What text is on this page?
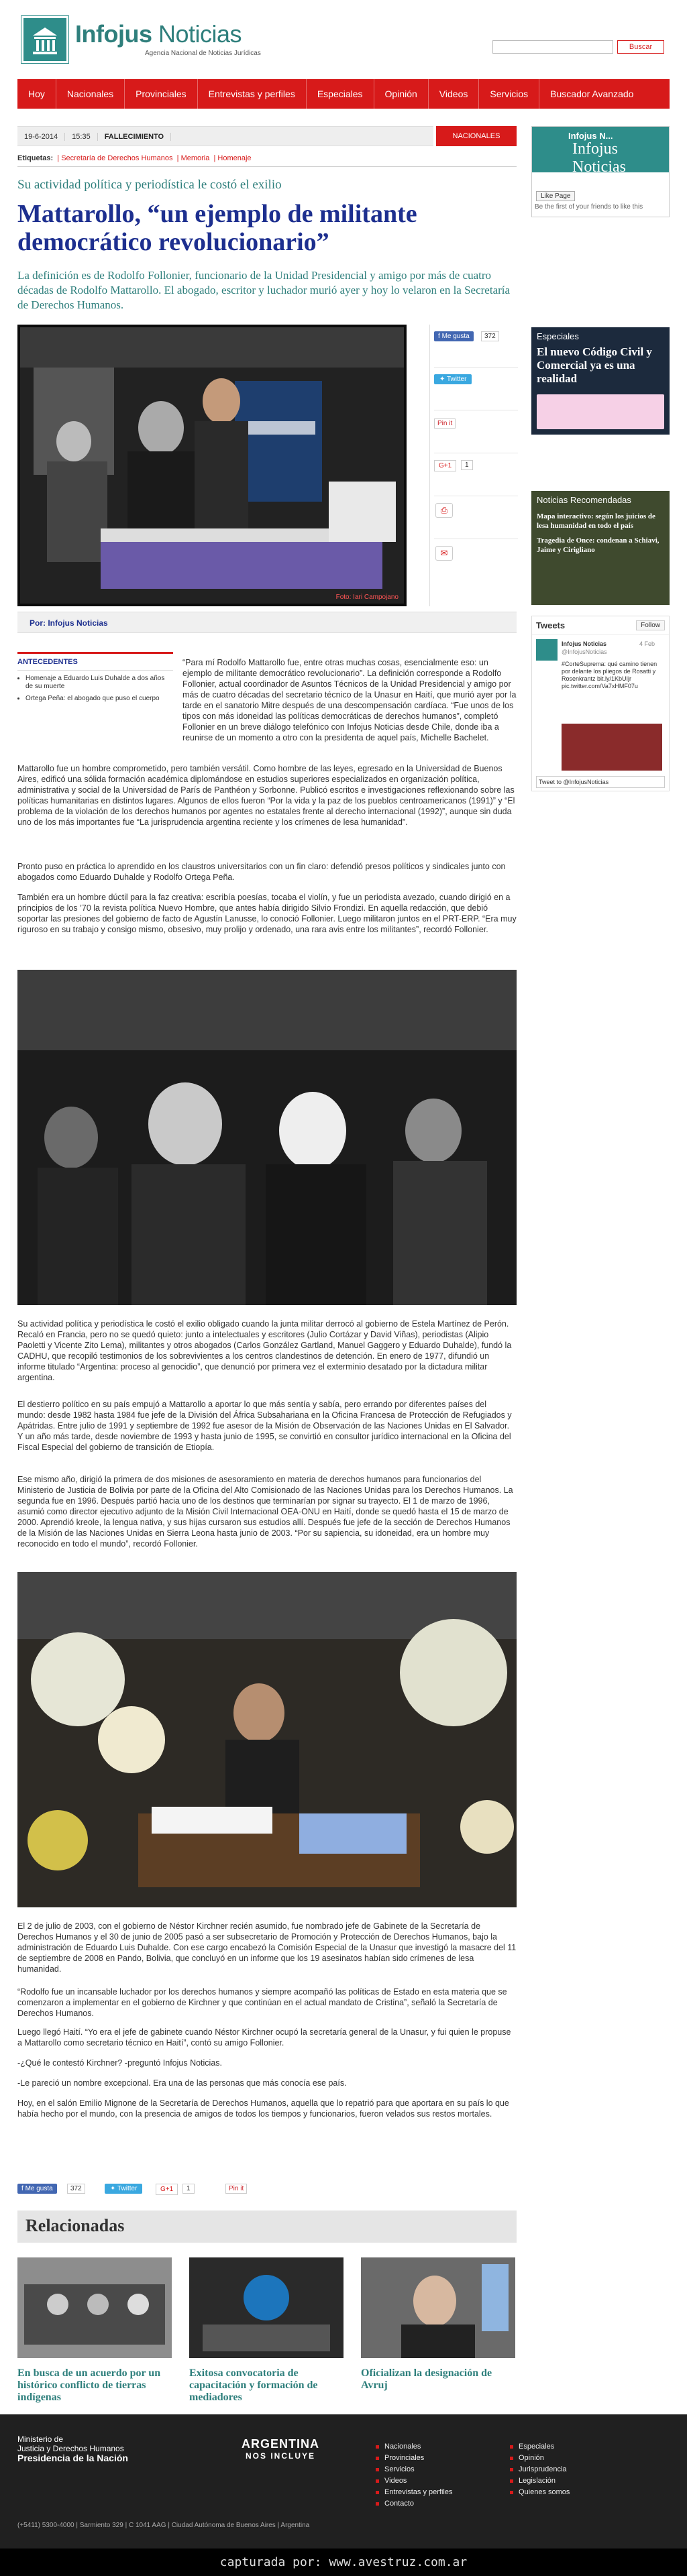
Infojus Noticias
Agencia Nacional de Noticias Jurídicas
Buscar
Hoy	Nacionales	Provinciales	Entrevistas y perfiles	Especiales	Opinión	Videos	Servicios	Buscador Avanzado
19-6-2014 15:35 FALLECIMIENTO	NACIONALES
Etiquetas:  | Secretaría de Derechos Humanos  | Memoria  | Homenaje
Su actividad política y periodística le costó el exilio
Mattarollo, “un ejemplo de militante democrático revolucionario”

La definición es de Rodolfo Follonier, funcionario de la Unidad Presidencial y amigo por más de cuatro décadas de Rodolfo Mattarollo. El abogado, escritor y luchador murió ayer y hoy lo velaron en la Secretaría de Derechos Humanos.

Foto: Iari Campojano
f Me gusta	372
✦ Twitter
Pin it
G+1	1
⎙
✉
Por: Infojus Noticias
ANTECEDENTES
• Homenaje a Eduardo Luis Duhalde a dos años de su muerte
• Ortega Peña: el abogado que puso el cuerpo

“Para mí Rodolfo Mattarollo fue, entre otras muchas cosas, esencialmente eso: un ejemplo de militante democrático revolucionario”. La definición corresponde a Rodolfo Follonier, actual coordinador de Asuntos Técnicos de la Unidad Presidencial y amigo por más de cuatro décadas del secretario técnico de la Unasur en Haití, que murió ayer por la tarde en el sanatorio Mitre después de una descompensación cardíaca. “Fue unos de los tipos con más idoneidad las políticas democráticas de derechos humanos”, completó Follonier en un breve diálogo telefónico con Infojus Noticias desde Chile, donde iba a reunirse de un momento a otro con la presidenta de aquel país, Michelle Bachelet.

Mattarollo fue un hombre comprometido, pero también versátil. Como hombre de las leyes, egresado en la Universidad de Buenos Aires, edificó una sólida formación académica diplomándose en estudios superiores especializados en organización política, administrativa y social de la Universidad de París de Panthéon y Sorbonne. Publicó escritos e investigaciones reflexionando sobre las políticas humanitarias en distintos lugares. Algunos de ellos fueron “Por la vida y la paz de los pueblos centroamericanos (1991)” y “El problema de la violación de los derechos humanos por agentes no estatales frente al derecho internacional (1992)”, aunque sin duda uno de los más importantes fue “La jurisprudencia argentina reciente y los crímenes de lesa humanidad”.

Pronto puso en práctica lo aprendido en los claustros universitarios con un fin claro: defendió presos políticos y sindicales junto con abogados como Eduardo Duhalde y Rodolfo Ortega Peña.

También era un hombre dúctil para la faz creativa: escribía poesías, tocaba el violín, y fue un periodista avezado, cuando dirigió en a principios de los ’70 la revista política Nuevo Hombre, que antes había dirigido Silvio Frondizi. En aquella redacción, que debió soportar las presiones del gobierno de facto de Agustín Lanusse, lo conoció Follonier. Luego militaron juntos en el PRT-ERP. “Era muy riguroso en su trabajo y consigo mismo, obsesivo, muy prolijo y ordenado, una rara avis entre los militantes”, recordó Follonier.

Su actividad política y periodística le costó el exilio obligado cuando la junta militar derrocó al gobierno de Estela Martínez de Perón. Recaló en Francia, pero no se quedó quieto: junto a intelectuales y escritores (Julio Cortázar y David Viñas), periodistas (Alipio Paoletti y Vicente Zito Lema), militantes y otros abogados (Carlos González Gartland, Manuel Gaggero y Eduardo Duhalde), fundó la CADHU, que recopiló testimonios de los sobrevivientes a los centros clandestinos de detención. En enero de 1977, difundió un informe titulado “Argentina: proceso al genocidio”, que denunció por primera vez el exterminio desatado por la dictadura militar argentina.

El destierro político en su país empujó a Mattarollo a aportar lo que más sentía y sabía, pero errando por diferentes países del mundo: desde 1982 hasta 1984 fue jefe de la División del África Subsahariana en la Oficina Francesa de Protección de Refugiados y Apátridas. Entre julio de 1991 y septiembre de 1992 fue asesor de la Misión de Observación de las Naciones Unidas en El Salvador. Y un año más tarde, desde noviembre de 1993 y hasta junio de 1995, se convirtió en consultor jurídico internacional en la Oficina del Fiscal Especial del gobierno de transición de Etiopía.

Ese mismo año, dirigió la primera de dos misiones de asesoramiento en materia de derechos humanos para funcionarios del Ministerio de Justicia de Bolivia por parte de la Oficina del Alto Comisionado de las Naciones Unidas para los Derechos Humanos. La segunda fue en 1996. Después partió hacia uno de los destinos que terminarían por signar su trayecto. El 1 de marzo de 1996, asumió como director ejecutivo adjunto de la Misión Civil Internacional OEA-ONU en Haití, donde se quedó hasta el 15 de marzo de 2000. Aprendió kreole, la lengua nativa, y sus hijas cursaron sus estudios allí. Después fue jefe de la sección de Derechos Humanos de la Misión de las Naciones Unidas en Sierra Leona hasta junio de 2003. “Por su sapiencia, su idoneidad, era un hombre muy reconocido en todo el mundo”, recordó Follonier.

El 2 de julio de 2003, con el gobierno de Néstor Kirchner recién asumido, fue nombrado jefe de Gabinete de la Secretaría de Derechos Humanos y el 30 de junio de 2005 pasó a ser subsecretario de Promoción y Protección de Derechos Humanos, bajo la administración de Eduardo Luis Duhalde. Con ese cargo encabezó la Comisión Especial de la Unasur que investigó la masacre del 11 de septiembre de 2008 en Pando, Bolivia, que concluyó en un informe que los 19 asesinatos habían sido crímenes de lesa humanidad.

“Rodolfo fue un incansable luchador por los derechos humanos y siempre acompañó las políticas de Estado en esta materia que se comenzaron a implementar en el gobierno de Kirchner y que continúan en el actual mandato de Cristina”, señaló la Secretaría de Derechos Humanos.

Luego llegó Haití. “Yo era el jefe de gabinete cuando Néstor Kirchner ocupó la secretaría general de la Unasur, y fui quien le propuse a Mattarollo como secretario técnico en Haití”, contó su amigo Follonier.

-¿Qué le contestó Kirchner? -preguntó Infojus Noticias.

-Le pareció un nombre excepcional. Era una de las personas que más conocía ese país.

Hoy, en el salón Emilio Mignone de la Secretaría de Derechos Humanos, aquella que lo repatrió para que aportara en su país lo que había hecho por el mundo, con la presencia de amigos de todos los tiempos y funcionarios, fueron velados sus restos mortales.

f Me gusta	372	✦ Twitter	G+1	1	Pin it
Relacionadas
En busca de un acuerdo por un histórico conflicto de tierras indígenas
Exitosa convocatoria de capacitación y formación de mediadores
Oficializan la designación de Avruj
Infojus N...
Infojus Noticias
Like Page
Be the first of your friends to like this
Especiales
El nuevo Código Civil y Comercial ya es una realidad
Noticias Recomendadas
Mapa interactivo: según los juicios de lesa humanidad en todo el país
Tragedia de Once: condenan a Schiavi, Jaime y Cirigliano
Tweets	Follow
Infojus Noticias
@InfojusNoticias
4 Feb
#CorteSuprema: qué camino tienen por delante los pliegos de Rosatti y Rosenkrantz bit.ly/1KbUIjr pic.twitter.com/Va7xHMF07u
Tweet to @InfojusNoticias
Ministerio de
Justicia y Derechos Humanos
Presidencia de la Nación
ARGENTINA
NOS INCLUYE
Nacionales
Provinciales
Servicios
Videos
Entrevistas y perfiles
Contacto
Especiales
Opinión
Jurisprudencia
Legislación
Quienes somos
(+5411) 5300-4000 | Sarmiento 329 | C 1041 AAG | Ciudad Autónoma de Buenos Aires | Argentina
capturada por: www.avestruz.com.ar
